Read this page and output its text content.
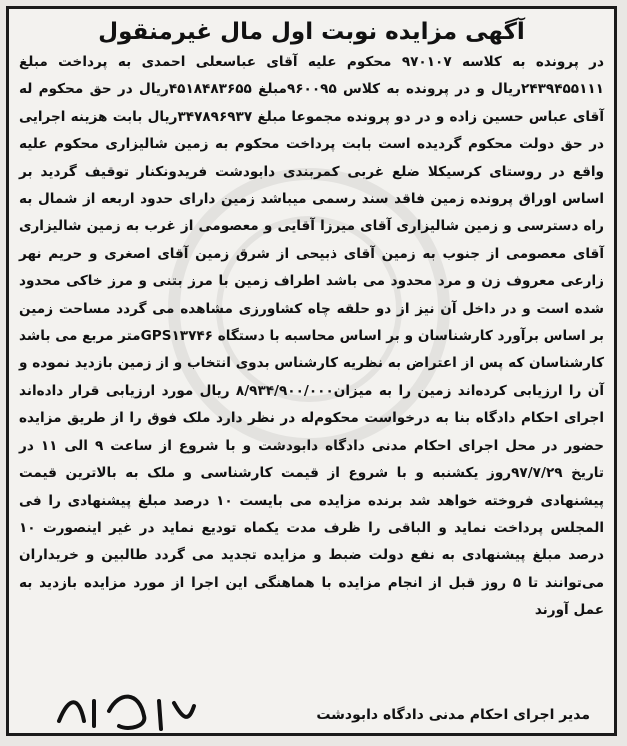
آگهی مزایده نوبت اول مال غیرمنقول
در پرونده به کلاسه ۹۷۰۱۰۷ محکوم علیه آقای عباسعلی احمدی به پرداخت مبلغ ۲۴۳۹۴۵۵۱۱۱ریال و در پرونده به کلاس ۹۶۰۰۹۵مبلغ ۴۵۱۸۴۸۳۶۵۵ریال در حق محکوم له آقای عباس حسین زاده و در دو پرونده مجموعا مبلغ ۳۴۷۸۹۶۹۳۷ریال بابت هزینه اجرایی در حق دولت محکوم گردیده است بابت پرداخت محکوم به زمین شالیزاری محکوم علیه واقع در روستای کرسیکلا ضلع غربی کمربندی دابودشت فریدونکنار توقیف گردید بر اساس اوراق پرونده زمین فاقد سند رسمی میباشد زمین دارای حدود اربعه از شمال به راه دسترسی و زمین شالیزاری آقای میرزا آقایی و معصومی از غرب به زمین شالیزاری آقای معصومی از جنوب به زمین آقای ذبیحی از شرق زمین آقای اصغری و حریم نهر زارعی معروف زن و مرد محدود می باشد اطراف زمین با مرز بتنی و مرز خاکی محدود شده است و در داخل آن نیز از دو حلقه چاه کشاورزی مشاهده می گردد مساحت زمین بر اساس برآورد کارشناسان و بر اساس محاسبه با دستگاه GPS۱۳۷۴۶متر مربع می باشد کارشناسان که پس از اعتراض به نظریه کارشناس بدوی انتخاب و از زمین بازدید نموده و آن را ارزیابی کرده‌اند زمین را به میزان۸/۹۳۴/۹۰۰/۰۰۰ ریال مورد ارزیابی قرار داده‌اند اجرای احکام دادگاه بنا به درخواست محکوم‌له در نظر دارد ملک فوق را از طریق مزایده حضور در محل اجرای احکام مدنی دادگاه دابودشت و با شروع از ساعت ۹ الی ۱۱ در تاریخ ۹۷/۷/۲۹روز یکشنبه و با شروع از قیمت کارشناسی و ملک به بالاترین قیمت پیشنهادی فروخته خواهد شد برنده مزایده می بایست ۱۰ درصد مبلغ پیشنهادی را فی المجلس پرداخت نماید و الباقی را ظرف مدت یکماه تودیع نماید در غیر اینصورت ۱۰ درصد مبلغ پیشنهادی به نفع دولت ضبط و مزایده تجدید می گردد طالبین و خریداران می‌توانند تا ۵ روز قبل از انجام مزایده با هماهنگی این اجرا از مورد مزایده بازدید به عمل آورند
مدیر اجرای احکام مدنی دادگاه دابودشت
